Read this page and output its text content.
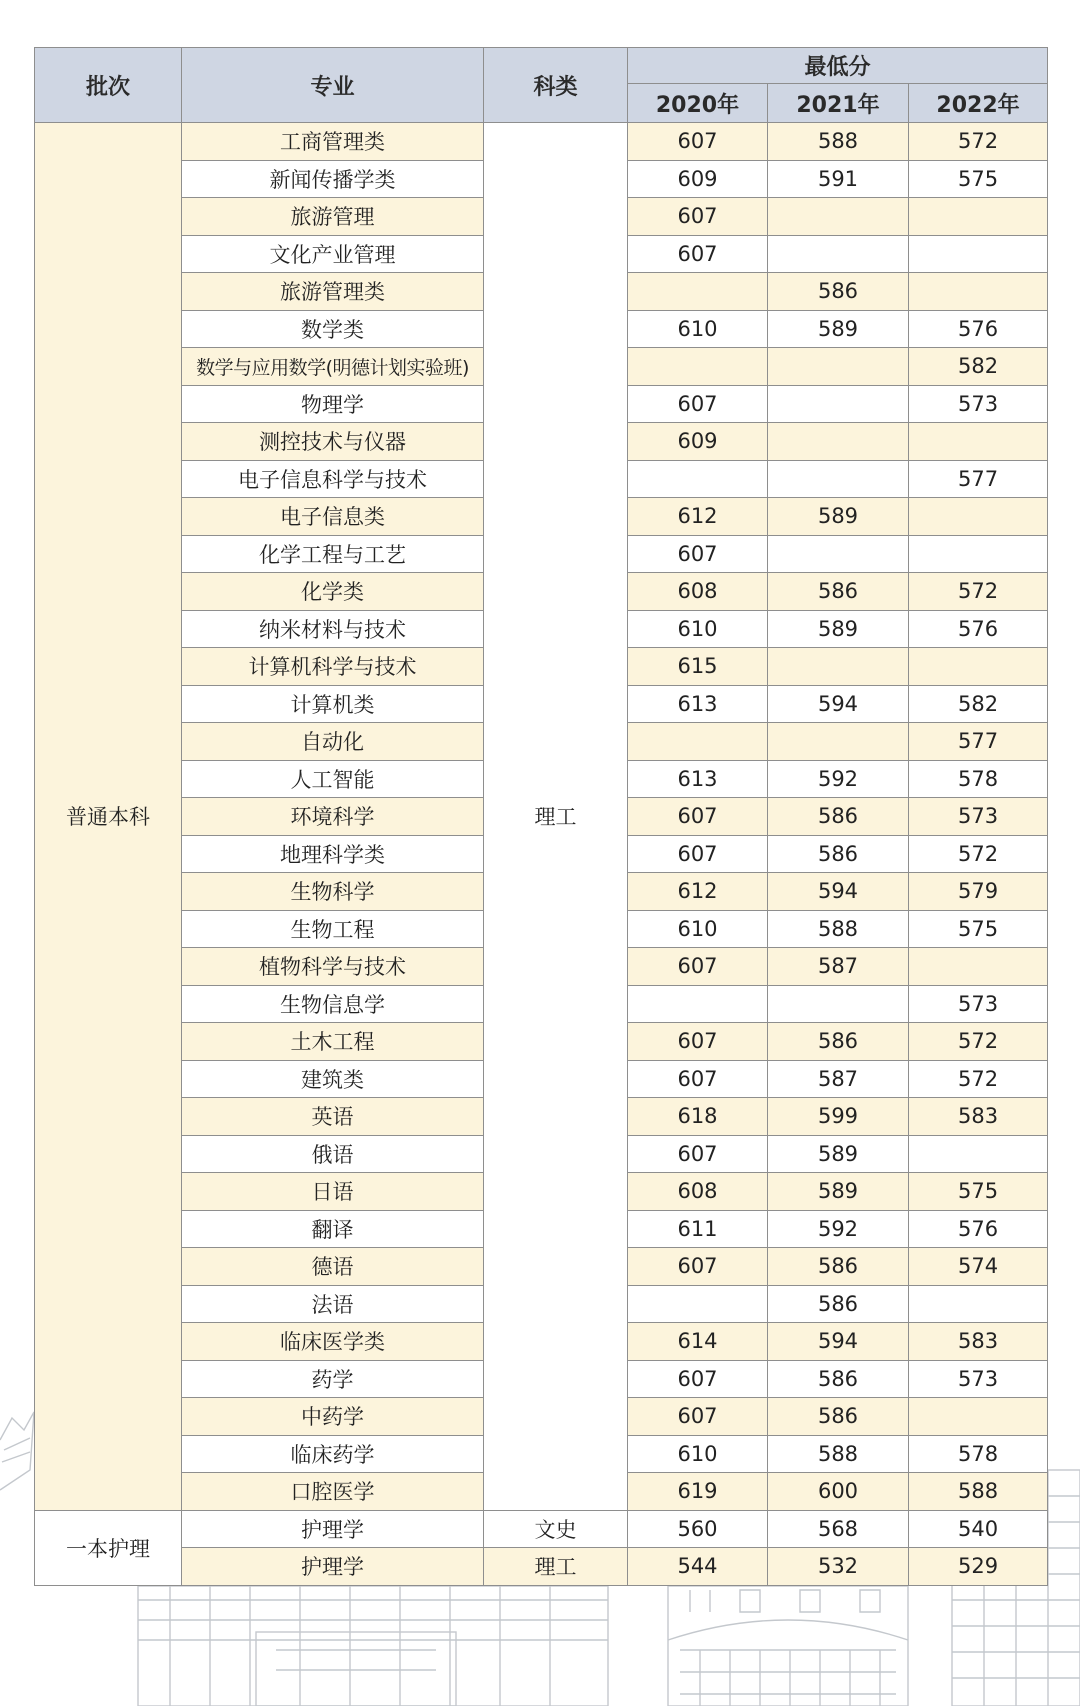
批次	专业	科类	最低分		
			2020年	2021年	2022年
普通本科	工商管理类	理工	607	588	572
	新闻传播学类		609	591	575
	旅游管理		607		
	文化产业管理		607		
	旅游管理类			586	
	数学类		610	589	576
	数学与应用数学(明德计划实验班)				582
	物理学		607		573
	测控技术与仪器		609		
	电子信息科学与技术				577
	电子信息类		612	589	
	化学工程与工艺		607		
	化学类		608	586	572
	纳米材料与技术		610	589	576
	计算机科学与技术		615		
	计算机类		613	594	582
	自动化				577
	人工智能		613	592	578
	环境科学		607	586	573
	地理科学类		607	586	572
	生物科学		612	594	579
	生物工程		610	588	575
	植物科学与技术		607	587	
	生物信息学				573
	土木工程		607	586	572
	建筑类		607	587	572
	英语		618	599	583
	俄语		607	589	
	日语		608	589	575
	翻译		611	592	576
	德语		607	586	574
	法语			586	
	临床医学类		614	594	583
	药学		607	586	573
	中药学		607	586	
	临床药学		610	588	578
	口腔医学		619	600	588
一本护理	护理学	文史	560	568	540
	护理学	理工	544	532	529
